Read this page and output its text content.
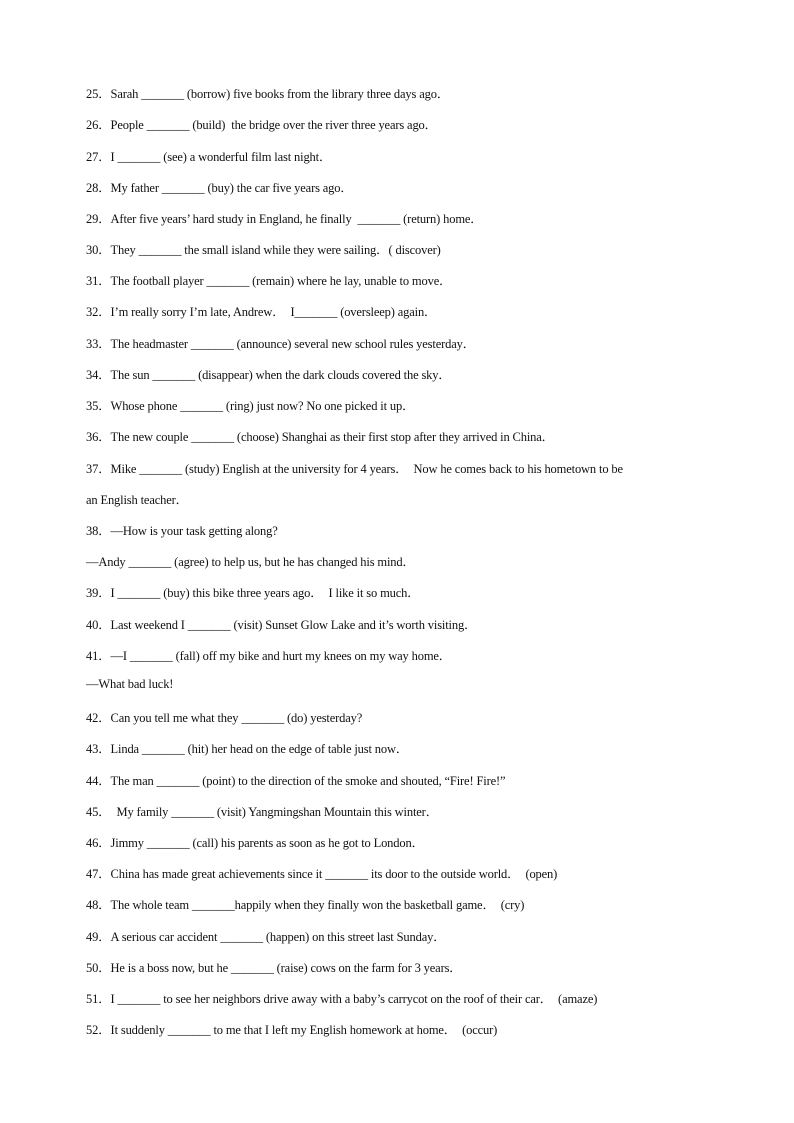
25．Sarah _______ (borrow) five books from the library three days ago．
26．People _______ (build)  the bridge over the river three years ago．
27．I _______ (see) a wonderful film last night．
28．My father _______ (buy) the car five years ago．
29．After five years’ hard study in England, he finally  _______ (return) home．
30．They _______ the small island while they were sailing．( discover)
31．The football player _______ (remain) where he lay, unable to move．
32．I’m really sorry I’m late, Andrew．  I_______ (oversleep) again．
33．The headmaster _______ (announce) several new school rules yesterday．
34．The sun _______ (disappear) when the dark clouds covered the sky．
35．Whose phone _______ (ring) just now? No one picked it up．
36．The new couple _______ (choose) Shanghai as their first stop after they arrived in China．
37．Mike _______ (study) English at the university for 4 years．  Now he comes back to his hometown to be
an English teacher．
38．—How is your task getting along?
—Andy _______ (agree) to help us, but he has changed his mind．
39．I _______ (buy) this bike three years ago．  I like it so much．
40．Last weekend I _______ (visit) Sunset Glow Lake and it’s worth visiting．
41．—I _______ (fall) off my bike and hurt my knees on my way home．
—What bad luck!
42．Can you tell me what they _______ (do) yesterday?
43．Linda _______ (hit) her head on the edge of table just now．
44．The man _______ (point) to the direction of the smoke and shouted, “Fire! Fire!”
45．  My family _______ (visit) Yangmingshan Mountain this winter．
46．Jimmy _______ (call) his parents as soon as he got to London．
47．China has made great achievements since it _______ its door to the outside world．  (open)
48．The whole team _______happily when they finally won the basketball game．  (cry)
49．A serious car accident _______ (happen) on this street last Sunday．
50．He is a boss now, but he _______ (raise) cows on the farm for 3 years．
51．I _______ to see her neighbors drive away with a baby’s carrycot on the roof of their car．  (amaze)
52．It suddenly _______ to me that I left my English homework at home．  (occur)
